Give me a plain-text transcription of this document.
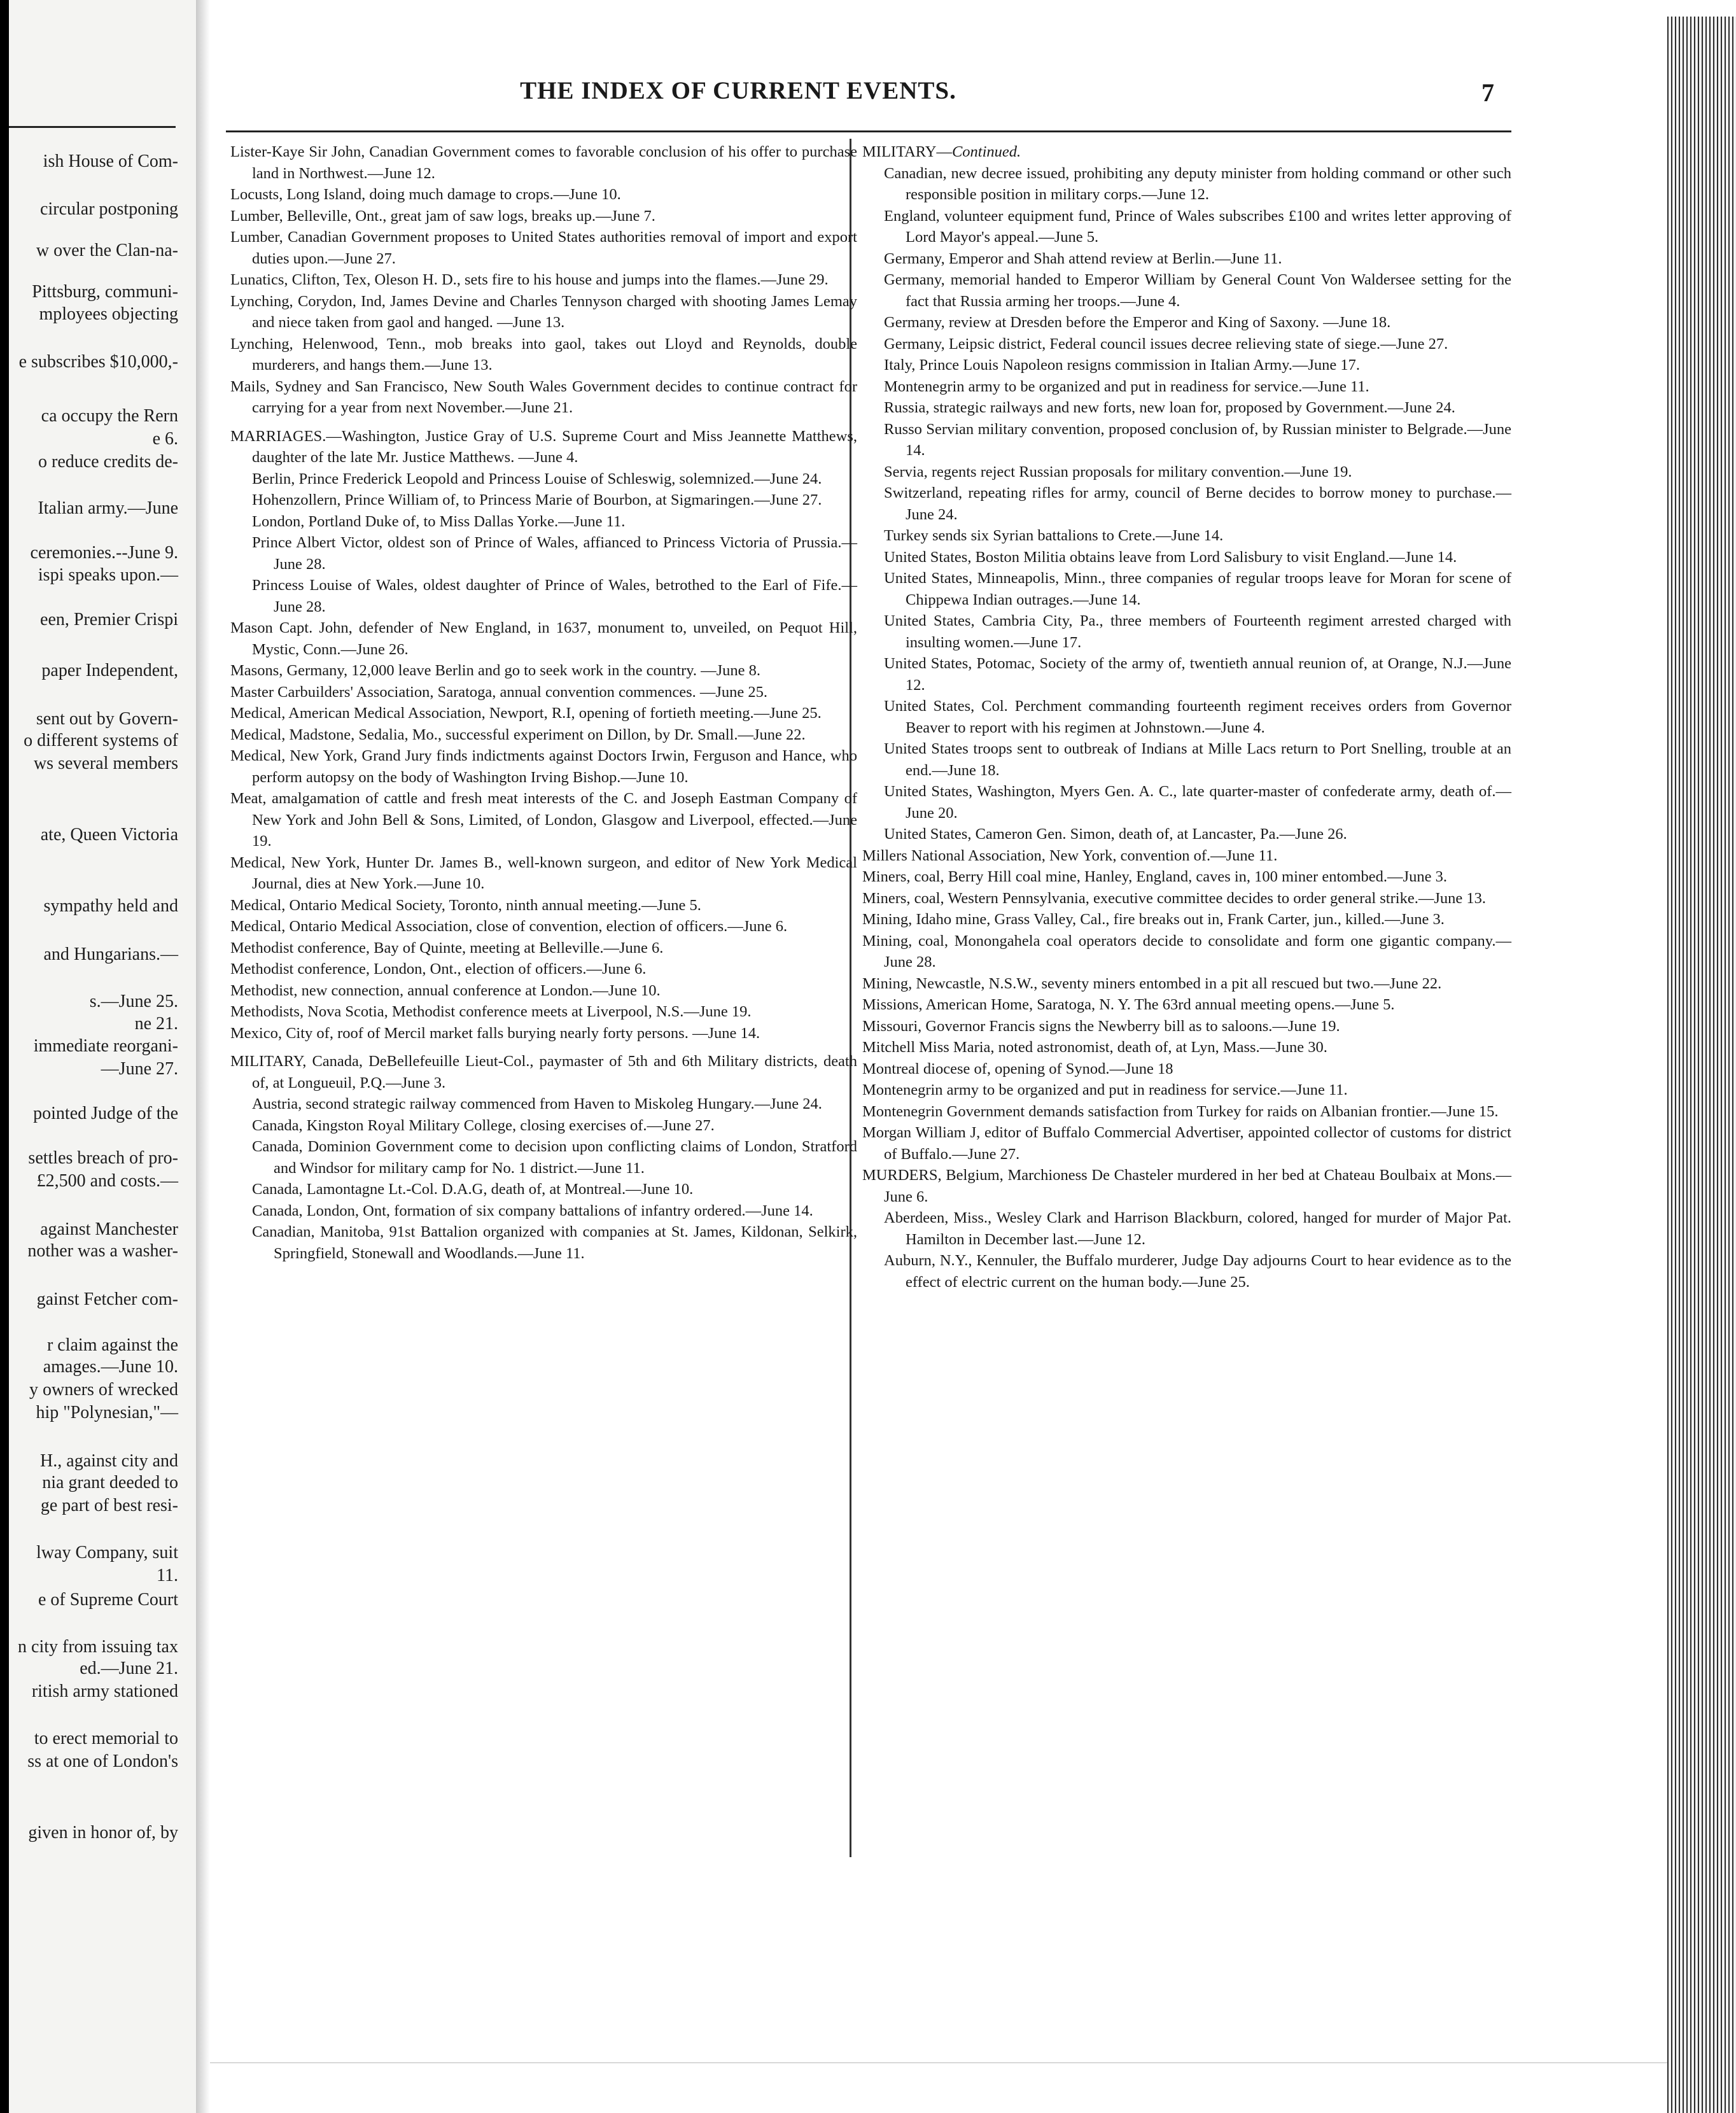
ish House of Com-
circular postponing
w over the Clan-na-
Pittsburg, communi-
mployees objecting
e subscribes $10,000,-
ca occupy the Rern
e 6.
o reduce credits de-
Italian army.—June
ceremonies.--June 9.
ispi speaks upon.—
een, Premier Crispi
paper Independent,
sent out by Govern-
o different systems of
ws several members
ate, Queen Victoria
sympathy held and
and Hungarians.—
s.—June 25.
ne 21.
immediate reorgani-
—June 27.
pointed Judge of the
settles breach of pro-
£2,500 and costs.—
against Manchester
nother was a washer-
gainst Fetcher com-
r claim against the
amages.—June 10.
y owners of wrecked
hip "Polynesian,"—
H., against city and
nia grant deeded to
ge part of best resi-
lway Company, suit
11.
e of Supreme Court
n city from issuing tax
ed.—June 21.
ritish army stationed
to erect memorial to
ss at one of London's
given in honor of, by
THE INDEX OF CURRENT EVENTS.	7

Lister-Kaye Sir John, Canadian Government comes to favorable conclusion of his offer to purchase land in Northwest.—June 12.

Locusts, Long Island, doing much damage to crops.—June 10.

Lumber, Belleville, Ont., great jam of saw logs, breaks up.—June 7.

Lumber, Canadian Government proposes to United States authorities removal of import and export duties upon.—June 27.

Lunatics, Clifton, Tex, Oleson H. D., sets fire to his house and jumps into the flames.—June 29.

Lynching, Corydon, Ind, James Devine and Charles Tennyson charged with shooting James Lemay and niece taken from gaol and hanged. —June 13.

Lynching, Helenwood, Tenn., mob breaks into gaol, takes out Lloyd and Reynolds, double murderers, and hangs them.—June 13.

Mails, Sydney and San Francisco, New South Wales Government decides to continue contract for carrying for a year from next November.—June 21.

MARRIAGES.—Washington, Justice Gray of U.S. Supreme Court and Miss Jeannette Matthews, daughter of the late Mr. Justice Matthews. —June 4.

Berlin, Prince Frederick Leopold and Princess Louise of Schleswig, solemnized.—June 24.

Hohenzollern, Prince William of, to Princess Marie of Bourbon, at Sigmaringen.—June 27.

London, Portland Duke of, to Miss Dallas Yorke.—June 11.

Prince Albert Victor, oldest son of Prince of Wales, affianced to Princess Victoria of Prussia.—June 28.

Princess Louise of Wales, oldest daughter of Prince of Wales, betrothed to the Earl of Fife.—June 28.

Mason Capt. John, defender of New England, in 1637, monument to, unveiled, on Pequot Hill, Mystic, Conn.—June 26.

Masons, Germany, 12,000 leave Berlin and go to seek work in the country. —June 8.

Master Carbuilders' Association, Saratoga, annual convention commences. —June 25.

Medical, American Medical Association, Newport, R.I, opening of fortieth meeting.—June 25.

Medical, Madstone, Sedalia, Mo., successful experiment on Dillon, by Dr. Small.—June 22.

Medical, New York, Grand Jury finds indictments against Doctors Irwin, Ferguson and Hance, who perform autopsy on the body of Washington Irving Bishop.—June 10.

Meat, amalgamation of cattle and fresh meat interests of the C. and Joseph Eastman Company of New York and John Bell & Sons, Limited, of London, Glasgow and Liverpool, effected.—June 19.

Medical, New York, Hunter Dr. James B., well-known surgeon, and editor of New York Medical Journal, dies at New York.—June 10.

Medical, Ontario Medical Society, Toronto, ninth annual meeting.—June 5.

Medical, Ontario Medical Association, close of convention, election of officers.—June 6.

Methodist conference, Bay of Quinte, meeting at Belleville.—June 6.

Methodist conference, London, Ont., election of officers.—June 6.

Methodist, new connection, annual conference at London.—June 10.

Methodists, Nova Scotia, Methodist conference meets at Liverpool, N.S.—June 19.

Mexico, City of, roof of Mercil market falls burying nearly forty persons. —June 14.

MILITARY, Canada, DeBellefeuille Lieut-Col., paymaster of 5th and 6th Military districts, death of, at Longueuil, P.Q.—June 3.

Austria, second strategic railway commenced from Haven to Miskoleg Hungary.—June 24.

Canada, Kingston Royal Military College, closing exercises of.—June 27.

Canada, Dominion Government come to decision upon conflicting claims of London, Stratford and Windsor for military camp for No. 1 district.—June 11.

Canada, Lamontagne Lt.-Col. D.A.G, death of, at Montreal.—June 10.

Canada, London, Ont, formation of six company battalions of infantry ordered.—June 14.

Canadian, Manitoba, 91st Battalion organized with companies at St. James, Kildonan, Selkirk, Springfield, Stonewall and Woodlands.—June 11.

MILITARY—Continued.

Canadian, new decree issued, prohibiting any deputy minister from holding command or other such responsible position in military corps.—June 12.

England, volunteer equipment fund, Prince of Wales subscribes £100 and writes letter approving of Lord Mayor's appeal.—June 5.

Germany, Emperor and Shah attend review at Berlin.—June 11.

Germany, memorial handed to Emperor William by General Count Von Waldersee setting for the fact that Russia arming her troops.—June 4.

Germany, review at Dresden before the Emperor and King of Saxony. —June 18.

Germany, Leipsic district, Federal council issues decree relieving state of siege.—June 27.

Italy, Prince Louis Napoleon resigns commission in Italian Army.—June 17.

Montenegrin army to be organized and put in readiness for service.—June 11.

Russia, strategic railways and new forts, new loan for, proposed by Government.—June 24.

Russo Servian military convention, proposed conclusion of, by Russian minister to Belgrade.—June 14.

Servia, regents reject Russian proposals for military convention.—June 19.

Switzerland, repeating rifles for army, council of Berne decides to borrow money to purchase.—June 24.

Turkey sends six Syrian battalions to Crete.—June 14.

United States, Boston Militia obtains leave from Lord Salisbury to visit England.—June 14.

United States, Minneapolis, Minn., three companies of regular troops leave for Moran for scene of Chippewa Indian outrages.—June 14.

United States, Cambria City, Pa., three members of Fourteenth regiment arrested charged with insulting women.—June 17.

United States, Potomac, Society of the army of, twentieth annual reunion of, at Orange, N.J.—June 12.

United States, Col. Perchment commanding fourteenth regiment receives orders from Governor Beaver to report with his regimen at Johnstown.—June 4.

United States troops sent to outbreak of Indians at Mille Lacs return to Port Snelling, trouble at an end.—June 18.

United States, Washington, Myers Gen. A. C., late quarter-master of confederate army, death of.—June 20.

United States, Cameron Gen. Simon, death of, at Lancaster, Pa.—June 26.

Millers National Association, New York, convention of.—June 11.

Miners, coal, Berry Hill coal mine, Hanley, England, caves in, 100 miner entombed.—June 3.

Miners, coal, Western Pennsylvania, executive committee decides to order general strike.—June 13.

Mining, Idaho mine, Grass Valley, Cal., fire breaks out in, Frank Carter, jun., killed.—June 3.

Mining, coal, Monongahela coal operators decide to consolidate and form one gigantic company.—June 28.

Mining, Newcastle, N.S.W., seventy miners entombed in a pit all rescued but two.—June 22.

Missions, American Home, Saratoga, N. Y. The 63rd annual meeting opens.—June 5.

Missouri, Governor Francis signs the Newberry bill as to saloons.—June 19.

Mitchell Miss Maria, noted astronomist, death of, at Lyn, Mass.—June 30.

Montreal diocese of, opening of Synod.—June 18

Montenegrin army to be organized and put in readiness for service.—June 11.

Montenegrin Government demands satisfaction from Turkey for raids on Albanian frontier.—June 15.

Morgan William J, editor of Buffalo Commercial Advertiser, appointed collector of customs for district of Buffalo.—June 27.

MURDERS, Belgium, Marchioness De Chasteler murdered in her bed at Chateau Boulbaix at Mons.—June 6.

Aberdeen, Miss., Wesley Clark and Harrison Blackburn, colored, hanged for murder of Major Pat. Hamilton in December last.—June 12.

Auburn, N.Y., Kennuler, the Buffalo murderer, Judge Day adjourns Court to hear evidence as to the effect of electric current on the human body.—June 25.
